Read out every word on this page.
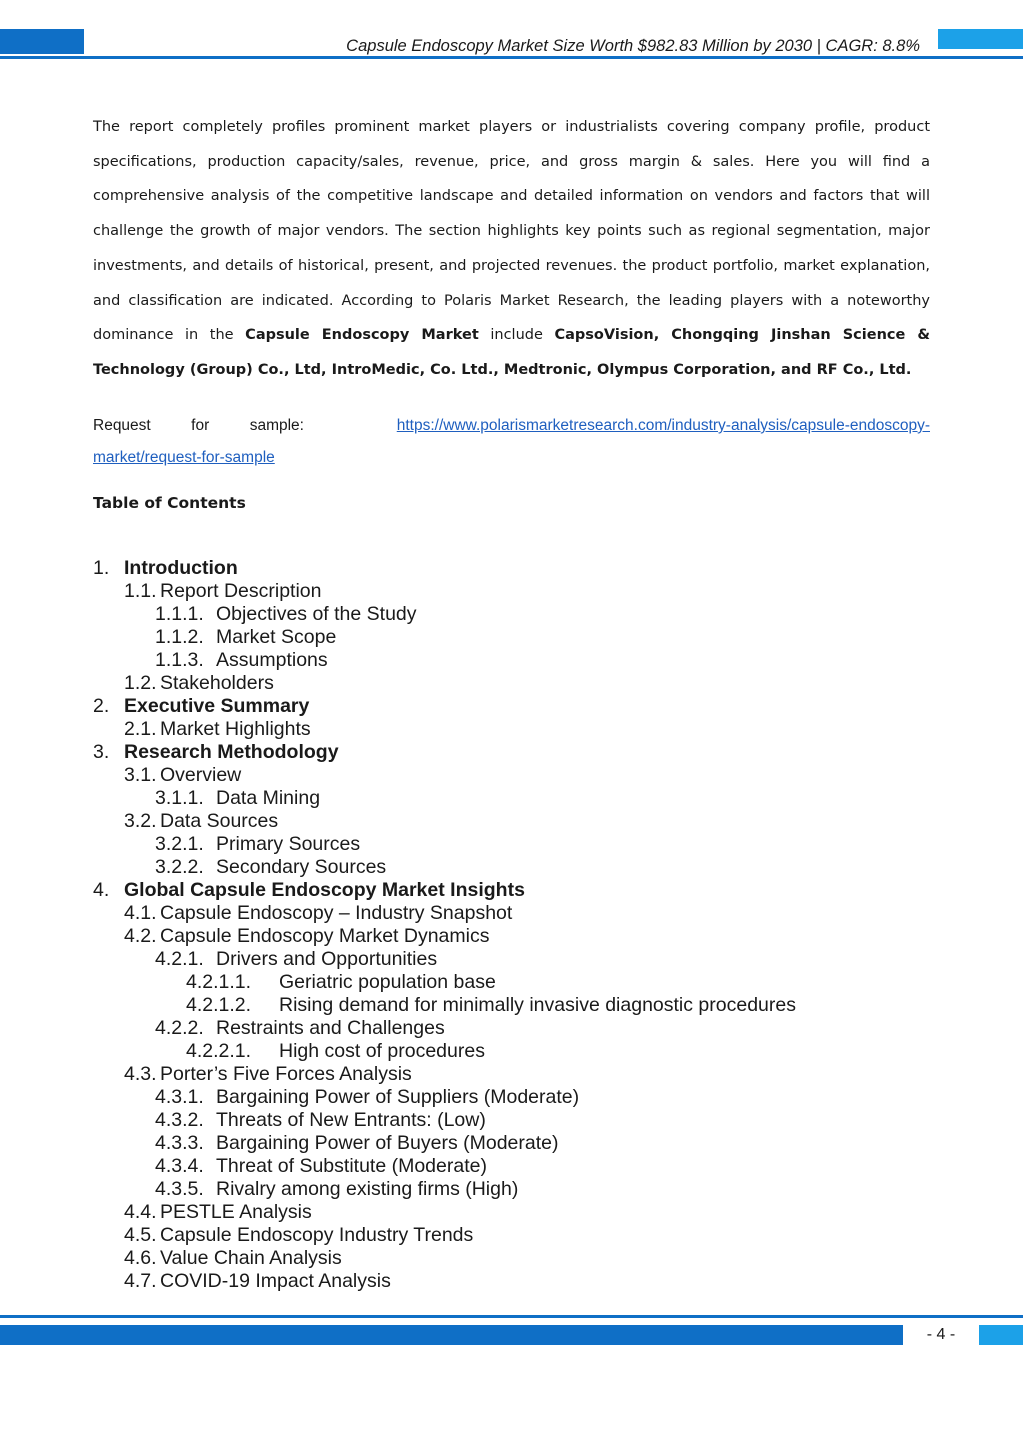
Capsule Endoscopy Market Size Worth $982.83 Million by 2030 | CAGR: 8.8%
The report completely profiles prominent market players or industrialists covering company profile, product specifications, production capacity/sales, revenue, price, and gross margin & sales. Here you will find a comprehensive analysis of the competitive landscape and detailed information on vendors and factors that will challenge the growth of major vendors. The section highlights key points such as regional segmentation, major investments, and details of historical, present, and projected revenues. the product portfolio, market explanation, and classification are indicated. According to Polaris Market Research, the leading players with a noteworthy dominance in the Capsule Endoscopy Market include CapsoVision, Chongqing Jinshan Science & Technology (Group) Co., Ltd, IntroMedic, Co. Ltd., Medtronic, Olympus Corporation, and RF Co., Ltd.
Request	for	sample:	https://www.polarismarketresearch.com/industry-analysis/capsule-endoscopy-
market/request-for-sample
Table of Contents
1. Introduction
1.1. Report Description
1.1.1. Objectives of the Study
1.1.2. Market Scope
1.1.3. Assumptions
1.2. Stakeholders
2. Executive Summary
2.1. Market Highlights
3. Research Methodology
3.1. Overview
3.1.1. Data Mining
3.2. Data Sources
3.2.1. Primary Sources
3.2.2. Secondary Sources
4. Global Capsule Endoscopy Market Insights
4.1. Capsule Endoscopy – Industry Snapshot
4.2. Capsule Endoscopy Market Dynamics
4.2.1. Drivers and Opportunities
4.2.1.1. Geriatric population base
4.2.1.2. Rising demand for minimally invasive diagnostic procedures
4.2.2. Restraints and Challenges
4.2.2.1. High cost of procedures
4.3. Porter’s Five Forces Analysis
4.3.1. Bargaining Power of Suppliers (Moderate)
4.3.2. Threats of New Entrants: (Low)
4.3.3. Bargaining Power of Buyers (Moderate)
4.3.4. Threat of Substitute (Moderate)
4.3.5. Rivalry among existing firms (High)
4.4. PESTLE Analysis
4.5. Capsule Endoscopy Industry Trends
4.6. Value Chain Analysis
4.7. COVID-19 Impact Analysis
- 4 -
